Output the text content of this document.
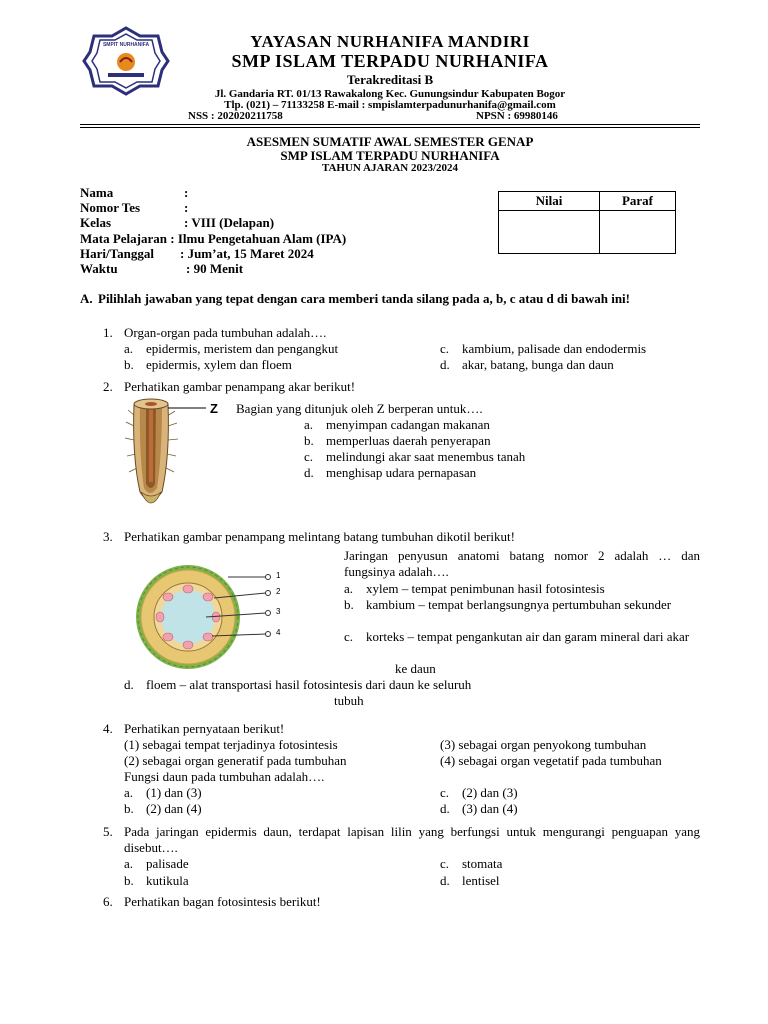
SMPIT NURHANIFA	YAYASAN NURHANIFA MANDIRI
SMP ISLAM TERPADU NURHANIFA
Terakreditasi B
Jl. Gandaria RT. 01/13 Rawakalong Kec. Gunungsindur Kabupaten Bogor
Tlp. (021) – 71133258 E-mail : smpislamterpadunurhanifa@gmail.com
NSS : 202020211758	NPSN : 69980146
ASESMEN SUMATIF AWAL SEMESTER GENAP
SMP ISLAM TERPADU NURHANIFA
TAHUN AJARAN 2023/2024
Nama	:
Nomor Tes	:
Kelas	: VIII (Delapan)
Mata Pelajaran : Ilmu Pengetahuan Alam (IPA)
Hari/Tanggal : Jum’at, 15 Maret 2024
Waktu	: 90 Menit
Nilai	Paraf

A. Pilihlah jawaban yang tepat dengan cara memberi tanda silang pada a, b, c atau d di bawah ini!
1. Organ-organ pada tumbuhan adalah….
a. epidermis, meristem dan pengangkut	c. kambium, palisade dan endodermis
b. epidermis, xylem dan floem	d. akar, batang, bunga dan daun
2. Perhatikan gambar penampang akar berikut!
Z Bagian yang ditunjuk oleh Z berperan untuk….
a. menyimpan cadangan makanan
b. memperluas daerah penyerapan
c. melindungi akar saat menembus tanah
d. menghisap udara pernapasan
3. Perhatikan gambar penampang melintang batang tumbuhan dikotil berikut!
1
2
3
4
Jaringan penyusun anatomi batang nomor 2 adalah … dan fungsinya adalah….
a. xylem – tempat penimbunan hasil fotosintesis
b. kambium – tempat berlangsungnya pertumbuhan sekunder
c. korteks – tempat pengankutan air dan garam mineral dari akar
ke daun
d. floem – alat transportasi hasil fotosintesis dari daun ke seluruh
tubuh
4. Perhatikan pernyataan berikut!
(1) sebagai tempat terjadinya fotosintesis	(3) sebagai organ penyokong tumbuhan
(2) sebagai organ generatif pada tumbuhan	(4) sebagai organ vegetatif pada tumbuhan
Fungsi daun pada tumbuhan adalah….
a. (1) dan (3)	c. (2) dan (3)
b. (2) dan (4)	d. (3) dan (4)
5. Pada jaringan epidermis daun, terdapat lapisan lilin yang berfungsi untuk mengurangi penguapan yang disebut….
a. palisade	c. stomata
b. kutikula	d. lentisel
6. Perhatikan bagan fotosintesis berikut!
